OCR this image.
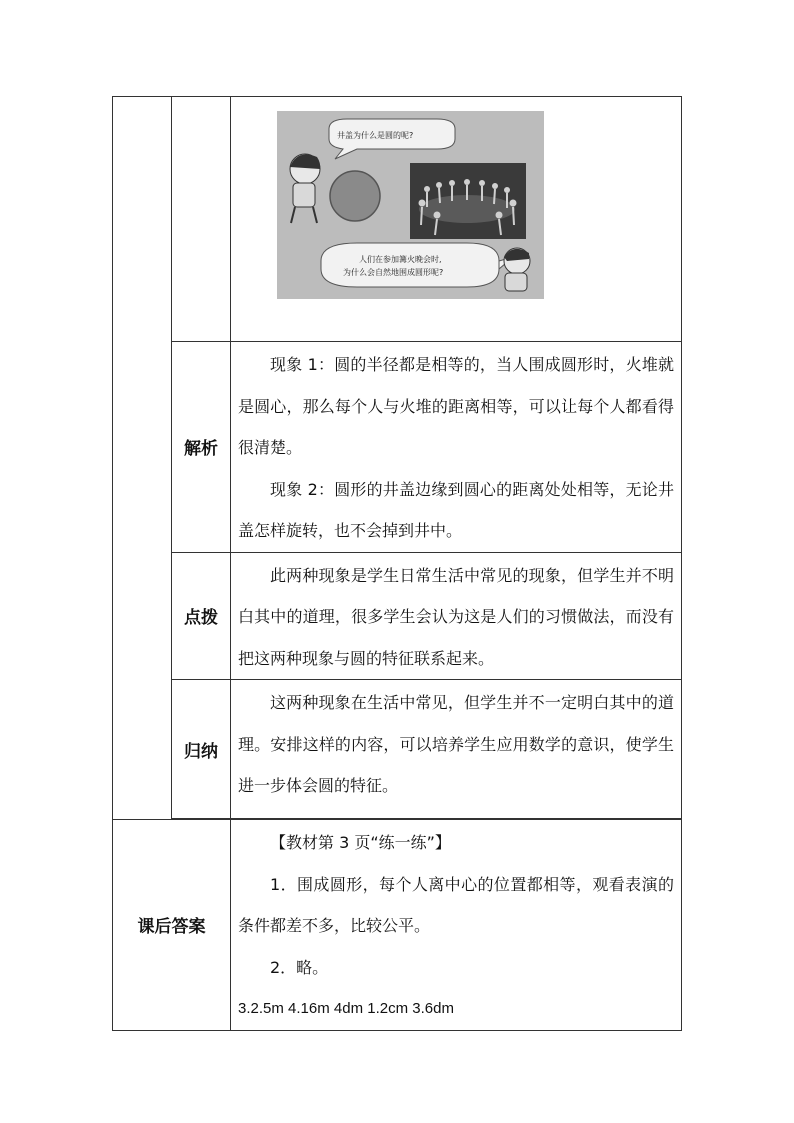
井盖为什么是圆的呢?
人们在参加篝火晚会时,
为什么会自然地围成圆形呢?

	解析	现象 1：圆的半径都是相等的，当人围成圆形时，火堆就是圆心，那么每个人与火堆的距离相等，可以让每个人都看得很清楚。

现象 2：圆形的井盖边缘到圆心的距离处处相等，无论井盖怎样旋转，也不会掉到井中。

	点拨	此两种现象是学生日常生活中常见的现象，但学生并不明白其中的道理，很多学生会认为这是人们的习惯做法，而没有把这两种现象与圆的特征联系起来。

	归纳	这两种现象在生活中常见，但学生并不一定明白其中的道理。安排这样的内容，可以培养学生应用数学的意识，使学生进一步体会圆的特征。

课后答案		【教材第 3 页“练一练”】

1．围成圆形，每个人离中心的位置都相等，观看表演的条件都差不多，比较公平。

2．略。

3.2.5m 4.16m 4dm 1.2cm 3.6dm
